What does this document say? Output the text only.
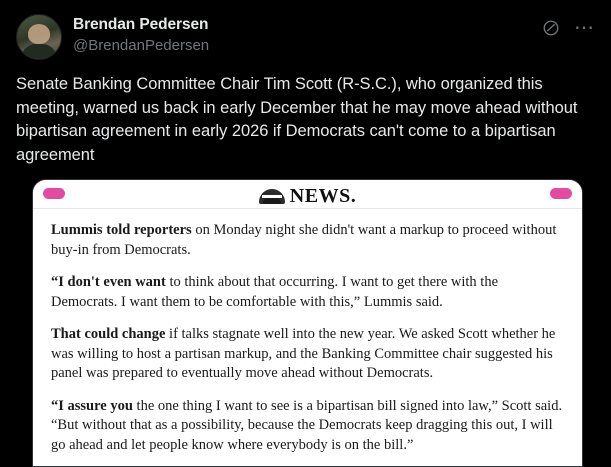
Brendan Pedersen
@BrendanPedersen
⋯
Senate Banking Committee Chair Tim Scott (R-S.C.), who organized this meeting, warned us back in early December that he may move ahead without bipartisan agreement in early 2026 if Democrats can't come to a bipartisan agreement
NEWS.

Lummis told reporters on Monday night she didn't want a markup to proceed without buy-in from Democrats.

“I don't even want to think about that occurring. I want to get there with the Democrats. I want them to be comfortable with this,” Lummis said.

That could change if talks stagnate well into the new year. We asked Scott whether he was willing to host a partisan markup, and the Banking Committee chair suggested his panel was prepared to eventually move ahead without Democrats.

“I assure you the one thing I want to see is a bipartisan bill signed into law,” Scott said. “But without that as a possibility, because the Democrats keep dragging this out, I will go ahead and let people know where everybody is on the bill.”
